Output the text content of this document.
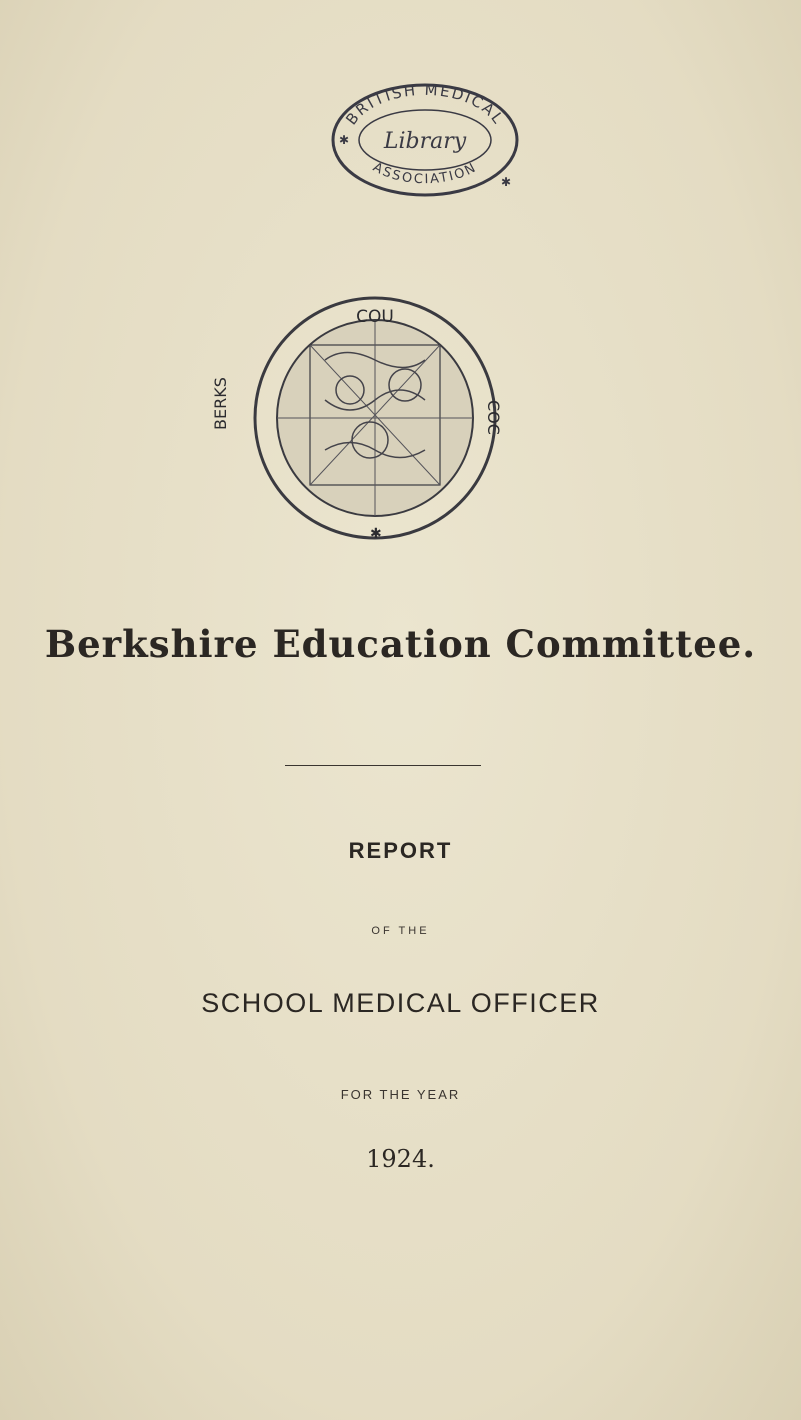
BRITISH MEDICAL
Library
ASSOCIATION
✱
✱
COU
BERKS	COC
✱
Berkshire Education Committee.
REPORT
OF THE
SCHOOL MEDICAL OFFICER
FOR THE YEAR
1924.
